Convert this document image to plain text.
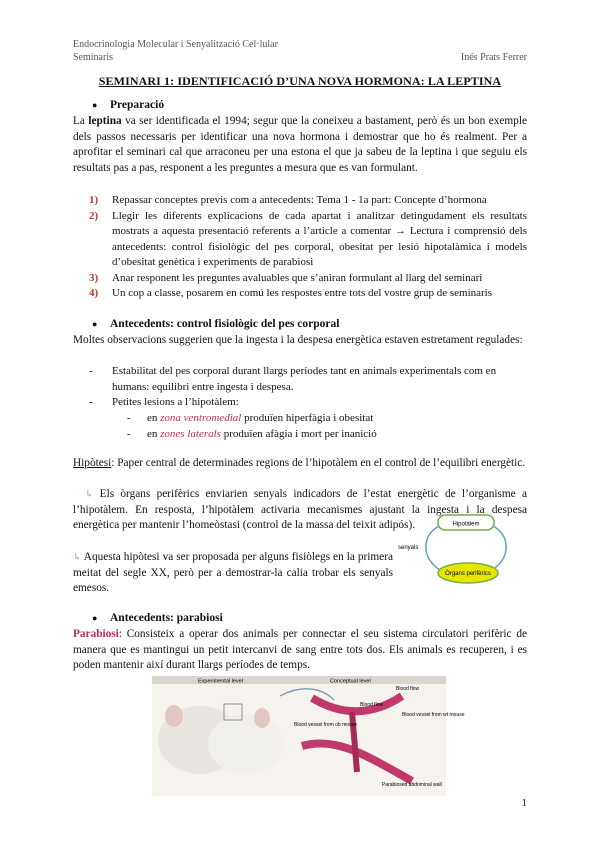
Endocrinologia Molecular i Senyalització Cel·lular
Seminaris	Inés Prats Ferrer
SEMINARI 1: IDENTIFICACIÓ D’UNA NOVA HORMONA: LA LEPTINA
● Preparació
La leptina va ser identificada el 1994; segur que la coneixeu a bastament, però és un bon exemple dels passos necessaris per identificar una nova hormona i demostrar que ho és realment. Per a aprofitar el seminari cal que arraconeu per una estona el que ja sabeu de la leptina i que seguiu els resultats pas a pas, responent a les preguntes a mesura que es van formulant.
1) Repassar conceptes previs com a antecedents: Tema 1 - 1a part: Concepte d’hormona
2) Llegir les diferents explicacions de cada apartat i analitzar detingudament els resultats mostrats a aquesta presentació referents a l’article a comentar → Lectura i comprensió dels antecedents: control fisiològic del pes corporal, obesitat per lesió hipotalàmica i models d’obesitat genètica i experiments de parabiosi
3) Anar responent les preguntes avaluables que s’aniran formulant al llarg del seminari
4) Un cop a classe, posarem en comú les respostes entre tots del vostre grup de seminaris
● Antecedents: control fisiològic del pes corporal
Moltes observacions suggerien que la ingesta i la despesa energètica estaven estretament regulades:
- Estabilitat del pes corporal durant llargs períodes tant en animals experimentals com en humans: equilibri entre ingesta i despesa.
- Petites lesions a l’hipotàlem:
- en zona ventromedial produïen hiperfàgia i obesitat
- en zones laterals produïen afàgia i mort per inanició
Hipòtesi: Paper central de determinades regions de l’hipotàlem en el control de l’equilibri energètic.
↳ Els òrgans perifèrics enviarien senyals indicadors de l’estat energètic de l’organisme a l’hipotàlem. En resposta, l’hipotàlem activaria mecanismes ajustant la ingesta i la despesa energètica per mantenir l’homeòstasi (control de la massa del teixit adipós).
↳ Aquesta hipòtesi va ser proposada per alguns fisiòlegs en la primera meitat del segle XX, però per a demostrar-la calia trobar els senyals emesos.
Hipotàlem
Òrgans perifèrics
senyals
● Antecedents: parabiosi
Parabiosi: Consisteix a operar dos animals per connectar el seu sistema circulatori perifèric de manera que es mantingui un petit intercanvi de sang entre tots dos. Els animals es recuperen, i es poden mantenir així durant llargs períodes de temps.
Experimental level	Conceptual level
Blood flow
Blood flow
Blood vessel from ob mouse
Blood vessel from wt mouse
Parabiosed abdominal wall
1
